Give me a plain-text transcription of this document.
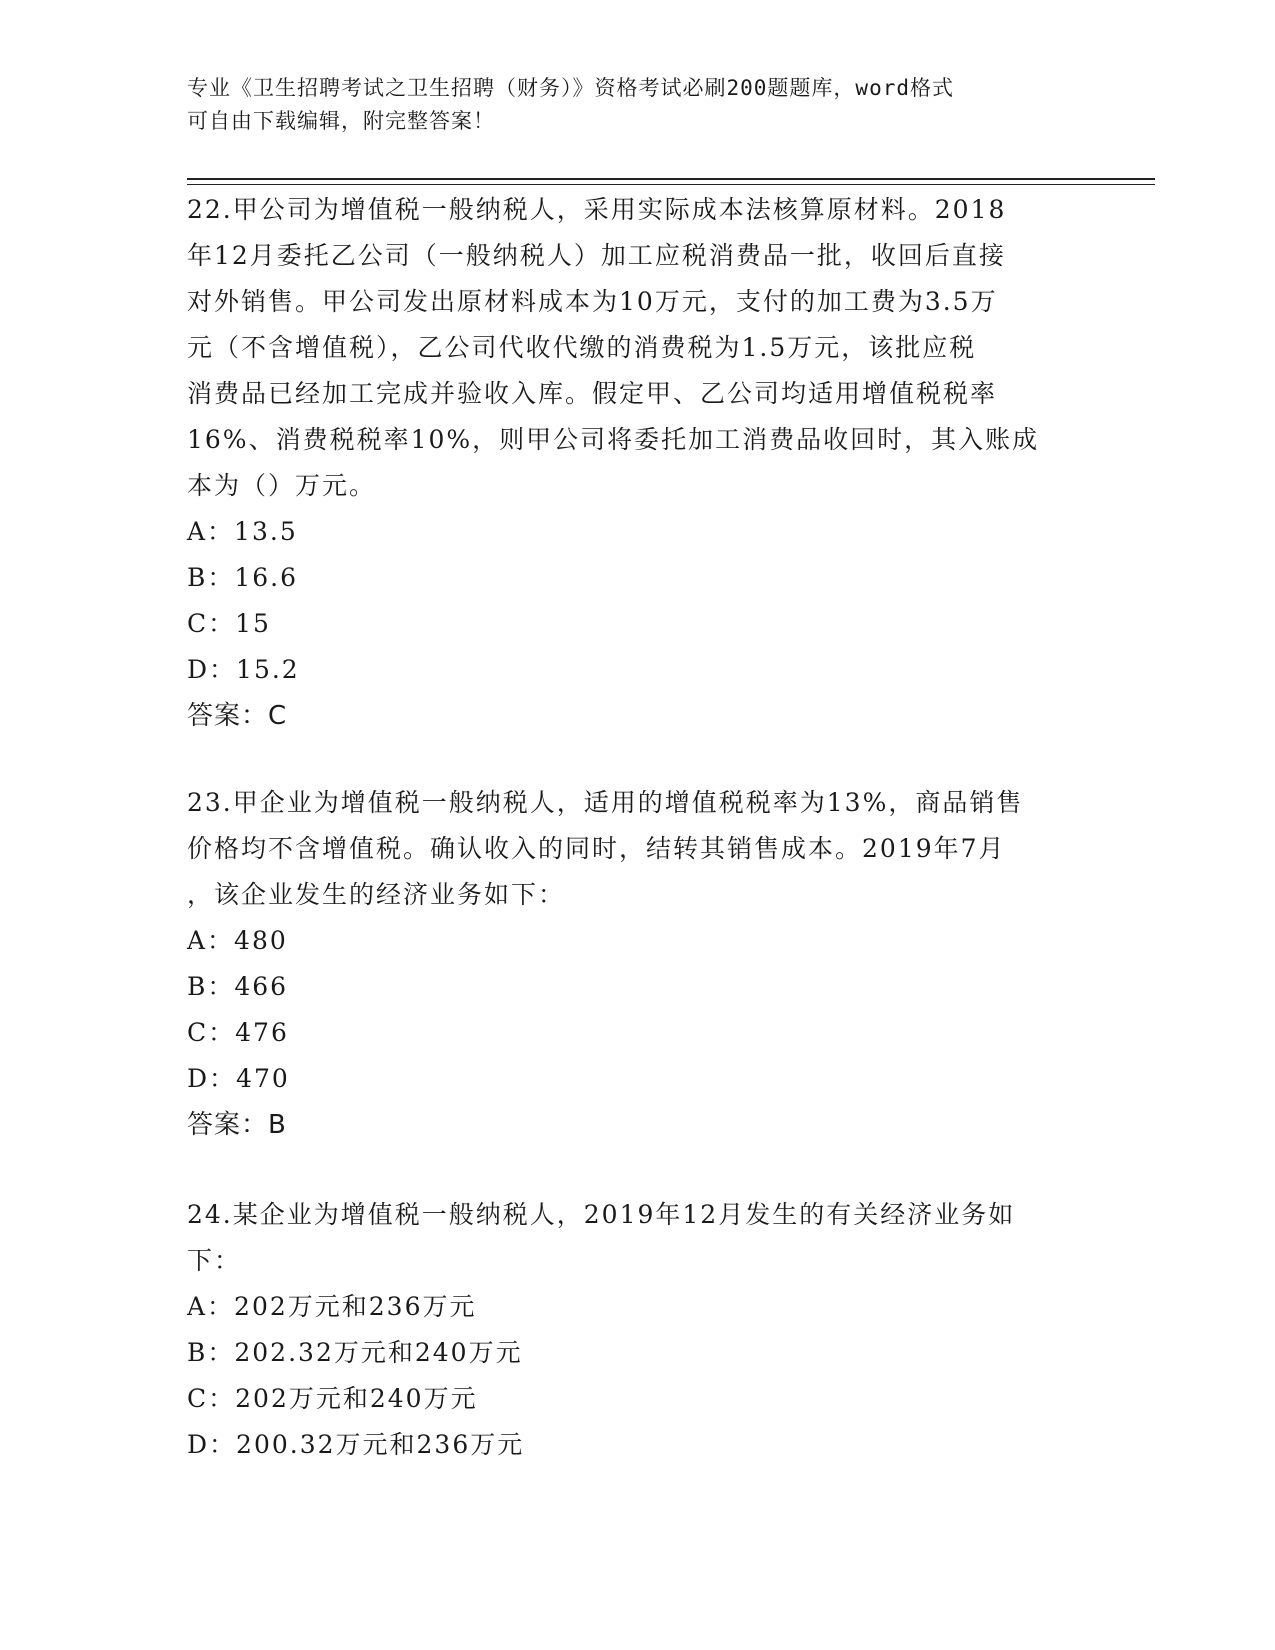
专业《卫生招聘考试之卫生招聘（财务）》资格考试必刷200题题库，word格式
可自由下载编辑，附完整答案！

22.甲公司为增值税一般纳税人，采用实际成本法核算原材料。2018
年12月委托乙公司（一般纳税人）加工应税消费品一批，收回后直接
对外销售。甲公司发出原材料成本为10万元，支付的加工费为3.5万
元（不含增值税），乙公司代收代缴的消费税为1.5万元，该批应税
消费品已经加工完成并验收入库。假定甲、乙公司均适用增值税税率
16%、消费税税率10%，则甲公司将委托加工消费品收回时，其入账成
本为（）万元。

A：13.5

B：16.6

C：15

D：15.2

答案：C

23.甲企业为增值税一般纳税人，适用的增值税税率为13%，商品销售
价格均不含增值税。确认收入的同时，结转其销售成本。2019年7月
，该企业发生的经济业务如下：

A：480

B：466

C：476

D：470

答案：B

24.某企业为增值税一般纳税人，2019年12月发生的有关经济业务如
下：

A：202万元和236万元

B：202.32万元和240万元

C：202万元和240万元

D：200.32万元和236万元
